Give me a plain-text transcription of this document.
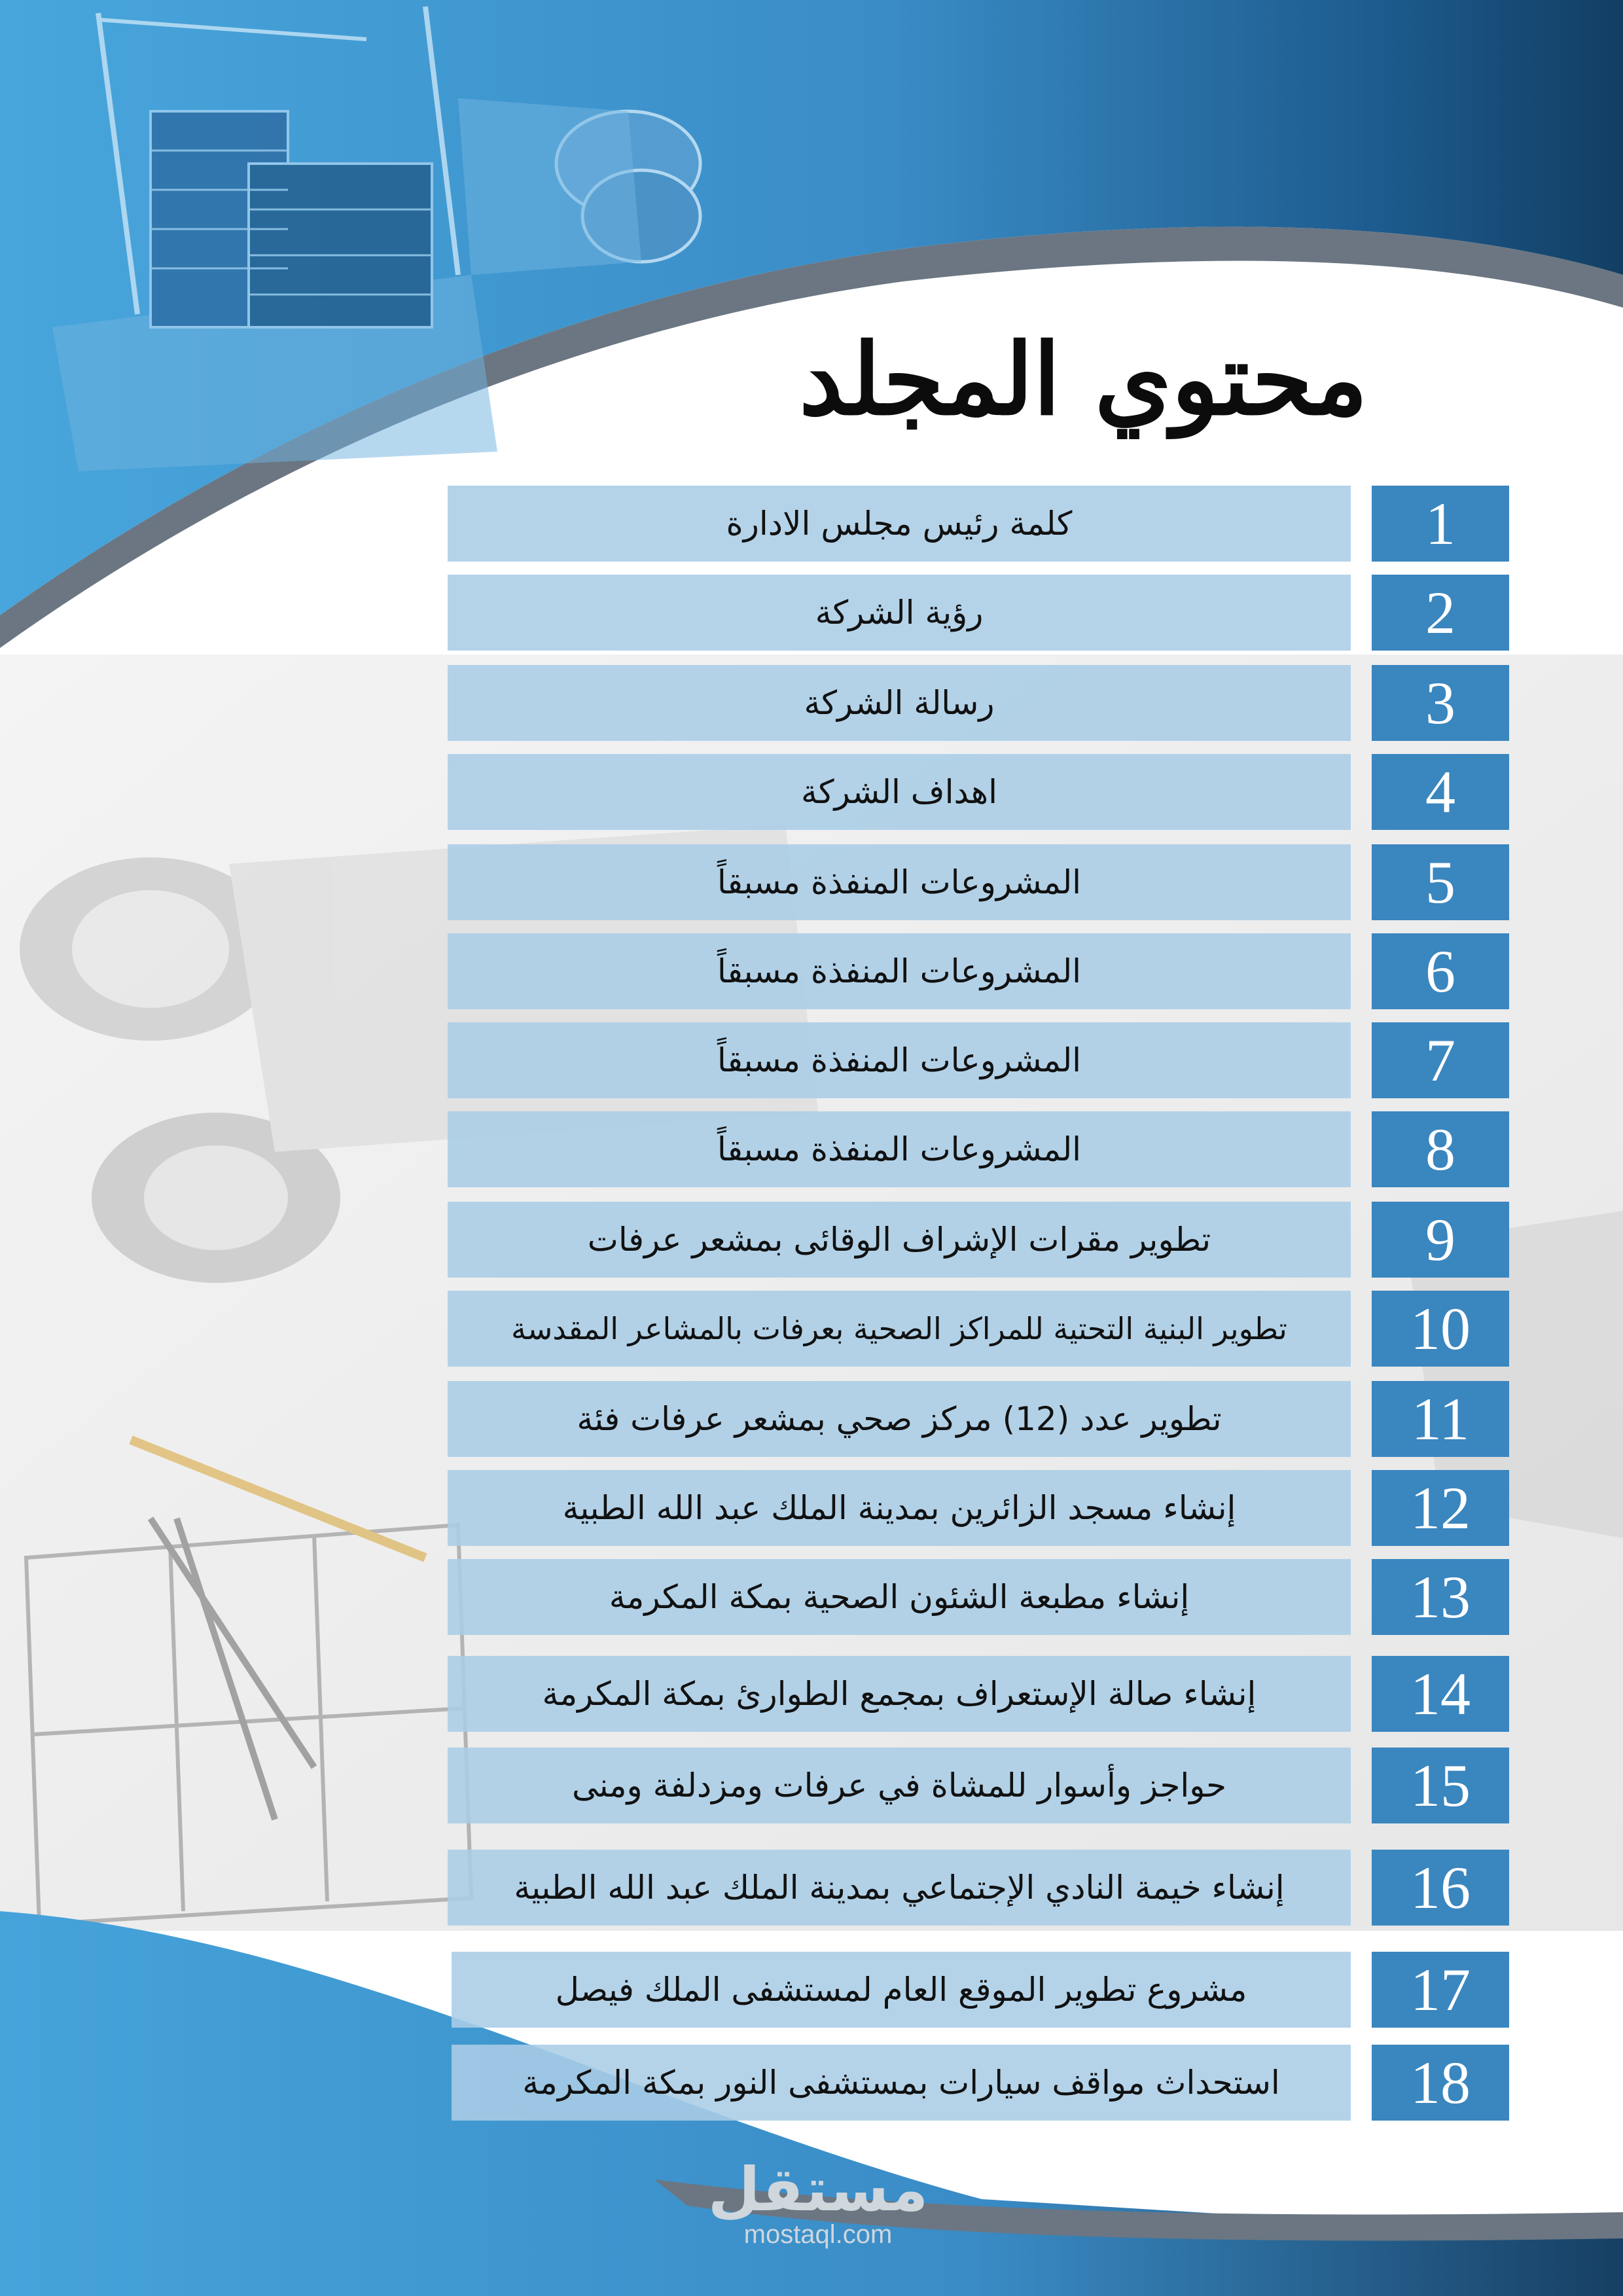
محتوي المجلد
1
كلمة رئيس مجلس الادارة
2
رؤية الشركة
3
رسالة الشركة
4
اهداف الشركة
5
المشروعات المنفذة مسبقاً
6
المشروعات المنفذة مسبقاً
7
المشروعات المنفذة مسبقاً
8
المشروعات المنفذة مسبقاً
9
تطوير مقرات الإشراف الوقائى بمشعر عرفات
10
تطوير البنية التحتية للمراكز الصحية بعرفات بالمشاعر المقدسة
11
تطوير عدد (12) مركز صحي بمشعر عرفات فئة
12
إنشاء مسجد الزائرين بمدينة الملك عبد الله الطبية
13
إنشاء مطبعة الشئون الصحية بمكة المكرمة
14
إنشاء صالة الإستعراف بمجمع الطوارئ بمكة المكرمة
15
حواجز وأسوار للمشاة في عرفات ومزدلفة ومنى
16
إنشاء خيمة النادي الإجتماعي بمدينة الملك عبد الله الطبية
17
مشروع تطوير الموقع العام لمستشفى الملك فيصل
18
استحداث مواقف سيارات بمستشفى النور بمكة المكرمة
مستقل
mostaql.com
